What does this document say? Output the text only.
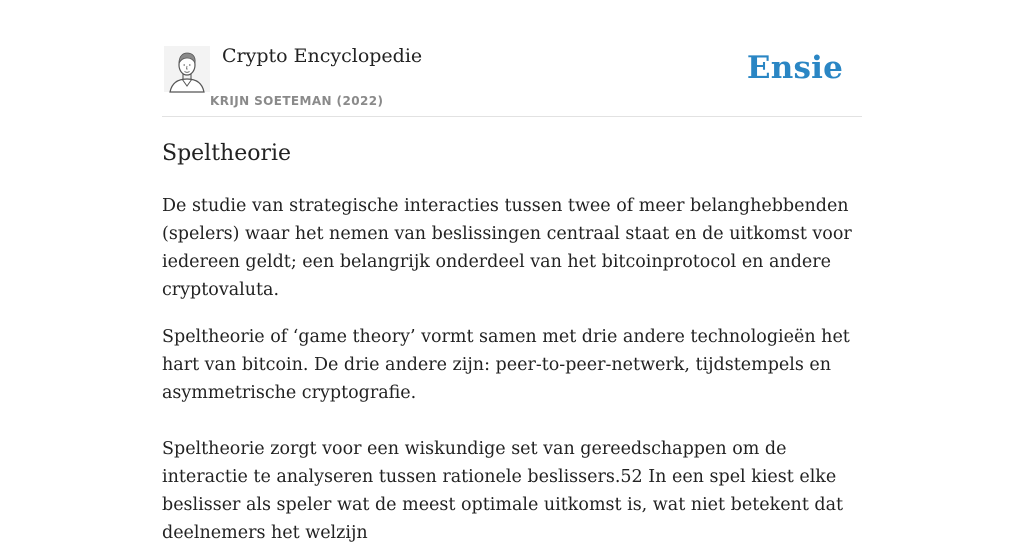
Crypto Encyclopedie
KRIJN SOETEMAN (2022)
Ensie
Speltheorie

De studie van strategische interacties tussen twee of meer belanghebbenden (spelers) waar het nemen van beslissingen centraal staat en de uitkomst voor iedereen geldt; een belangrijk onderdeel van het bitcoinprotocol en andere cryptovaluta.

Speltheorie of ‘game theory’ vormt samen met drie andere technologieën het hart van bitcoin. De drie andere zijn: peer-to-peer-netwerk, tijdstempels en asymmetrische cryptografie.

Speltheorie zorgt voor een wiskundige set van gereedschappen om de interactie te analyseren tussen rationele beslissers.52 In een spel kiest elke beslisser als speler wat de meest optimale uitkomst is, wat niet betekent dat deelnemers het welzijn
